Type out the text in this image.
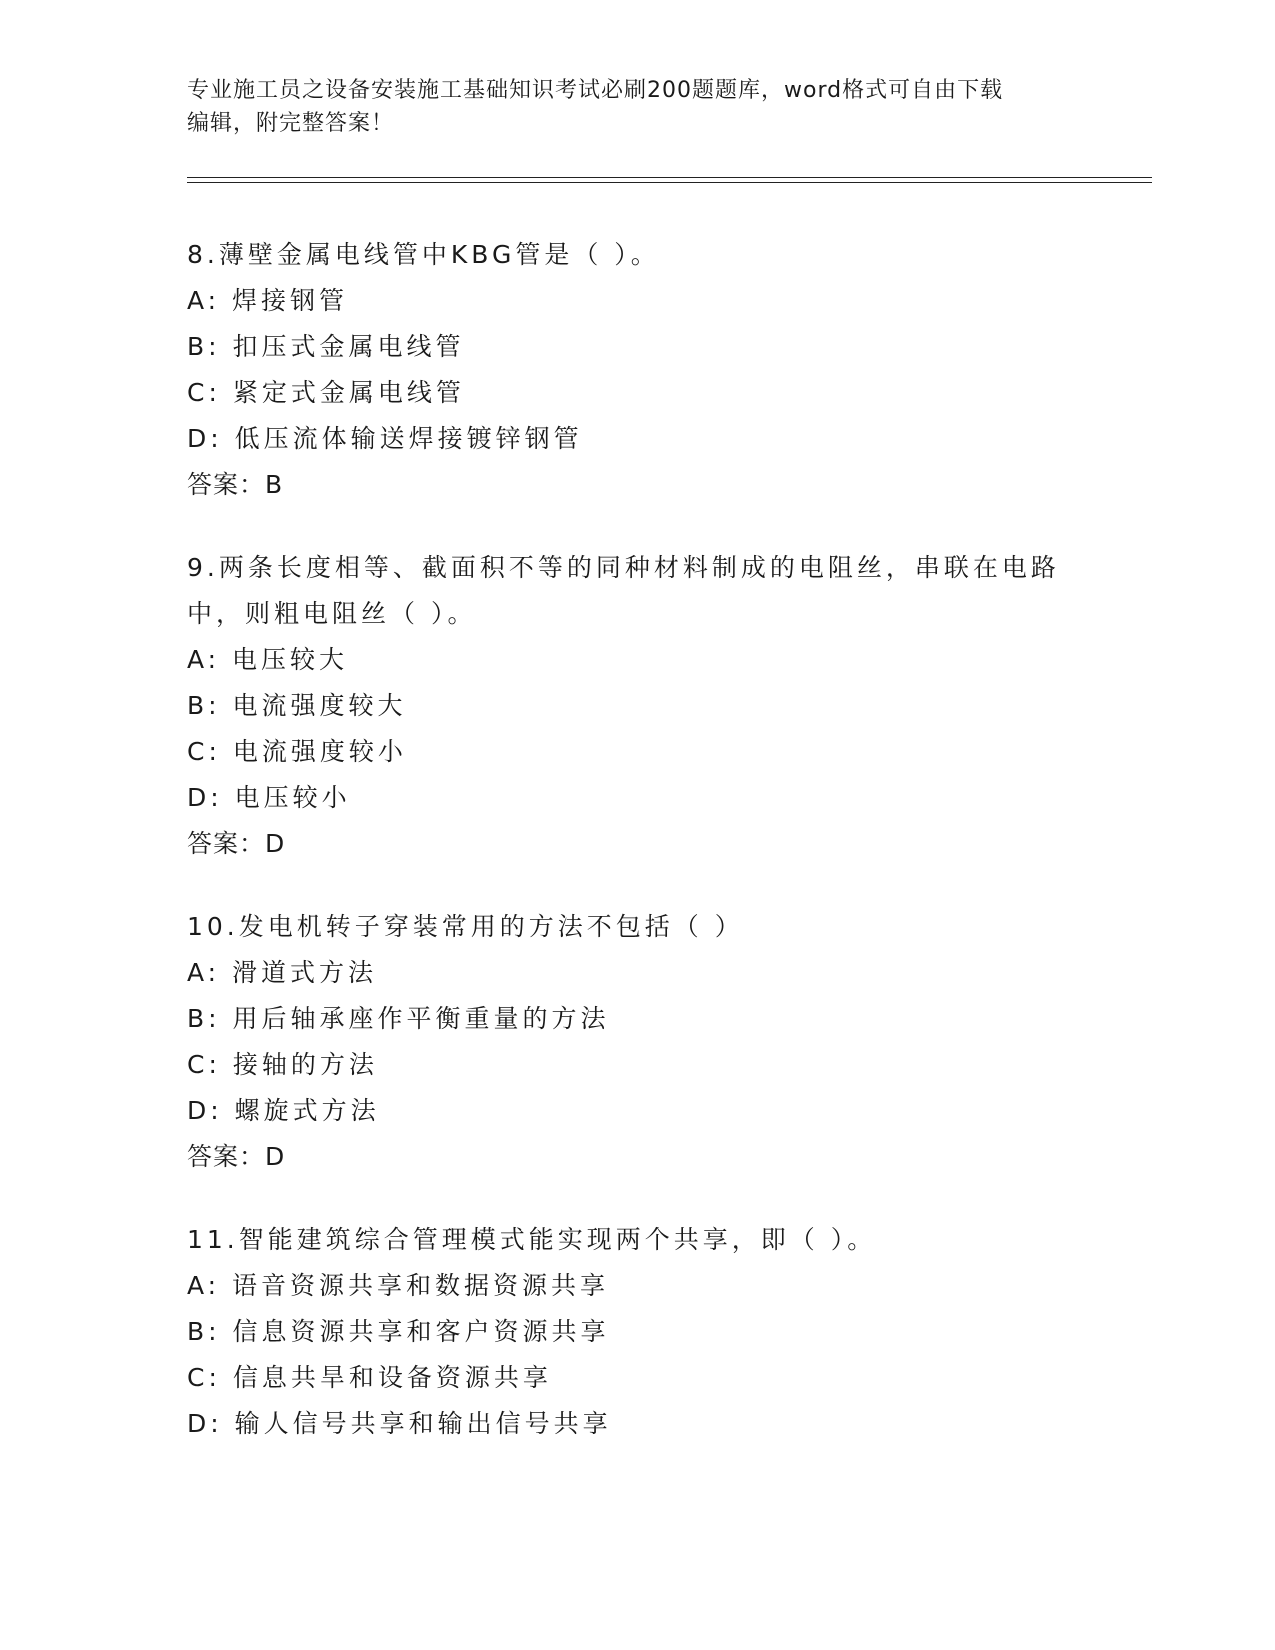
专业施工员之设备安装施工基础知识考试必刷200题题库，word格式可自由下载
编辑，附完整答案！

8.薄壁金属电线管中KBG管是（ ）。

A: 焊接钢管

B: 扣压式金属电线管

C: 紧定式金属电线管

D: 低压流体输送焊接镀锌钢管

答案：B

9.两条长度相等、截面积不等的同种材料制成的电阻丝，串联在电路中，则粗电阻丝（ ）。

A: 电压较大

B: 电流强度较大

C: 电流强度较小

D: 电压较小

答案：D

10.发电机转子穿装常用的方法不包括（ ）

A: 滑道式方法

B: 用后轴承座作平衡重量的方法

C: 接轴的方法

D: 螺旋式方法

答案：D

11.智能建筑综合管理模式能实现两个共享，即（ ）。

A: 语音资源共享和数据资源共享

B: 信息资源共享和客户资源共享

C: 信息共旱和设备资源共享

D: 输人信号共享和输出信号共享
